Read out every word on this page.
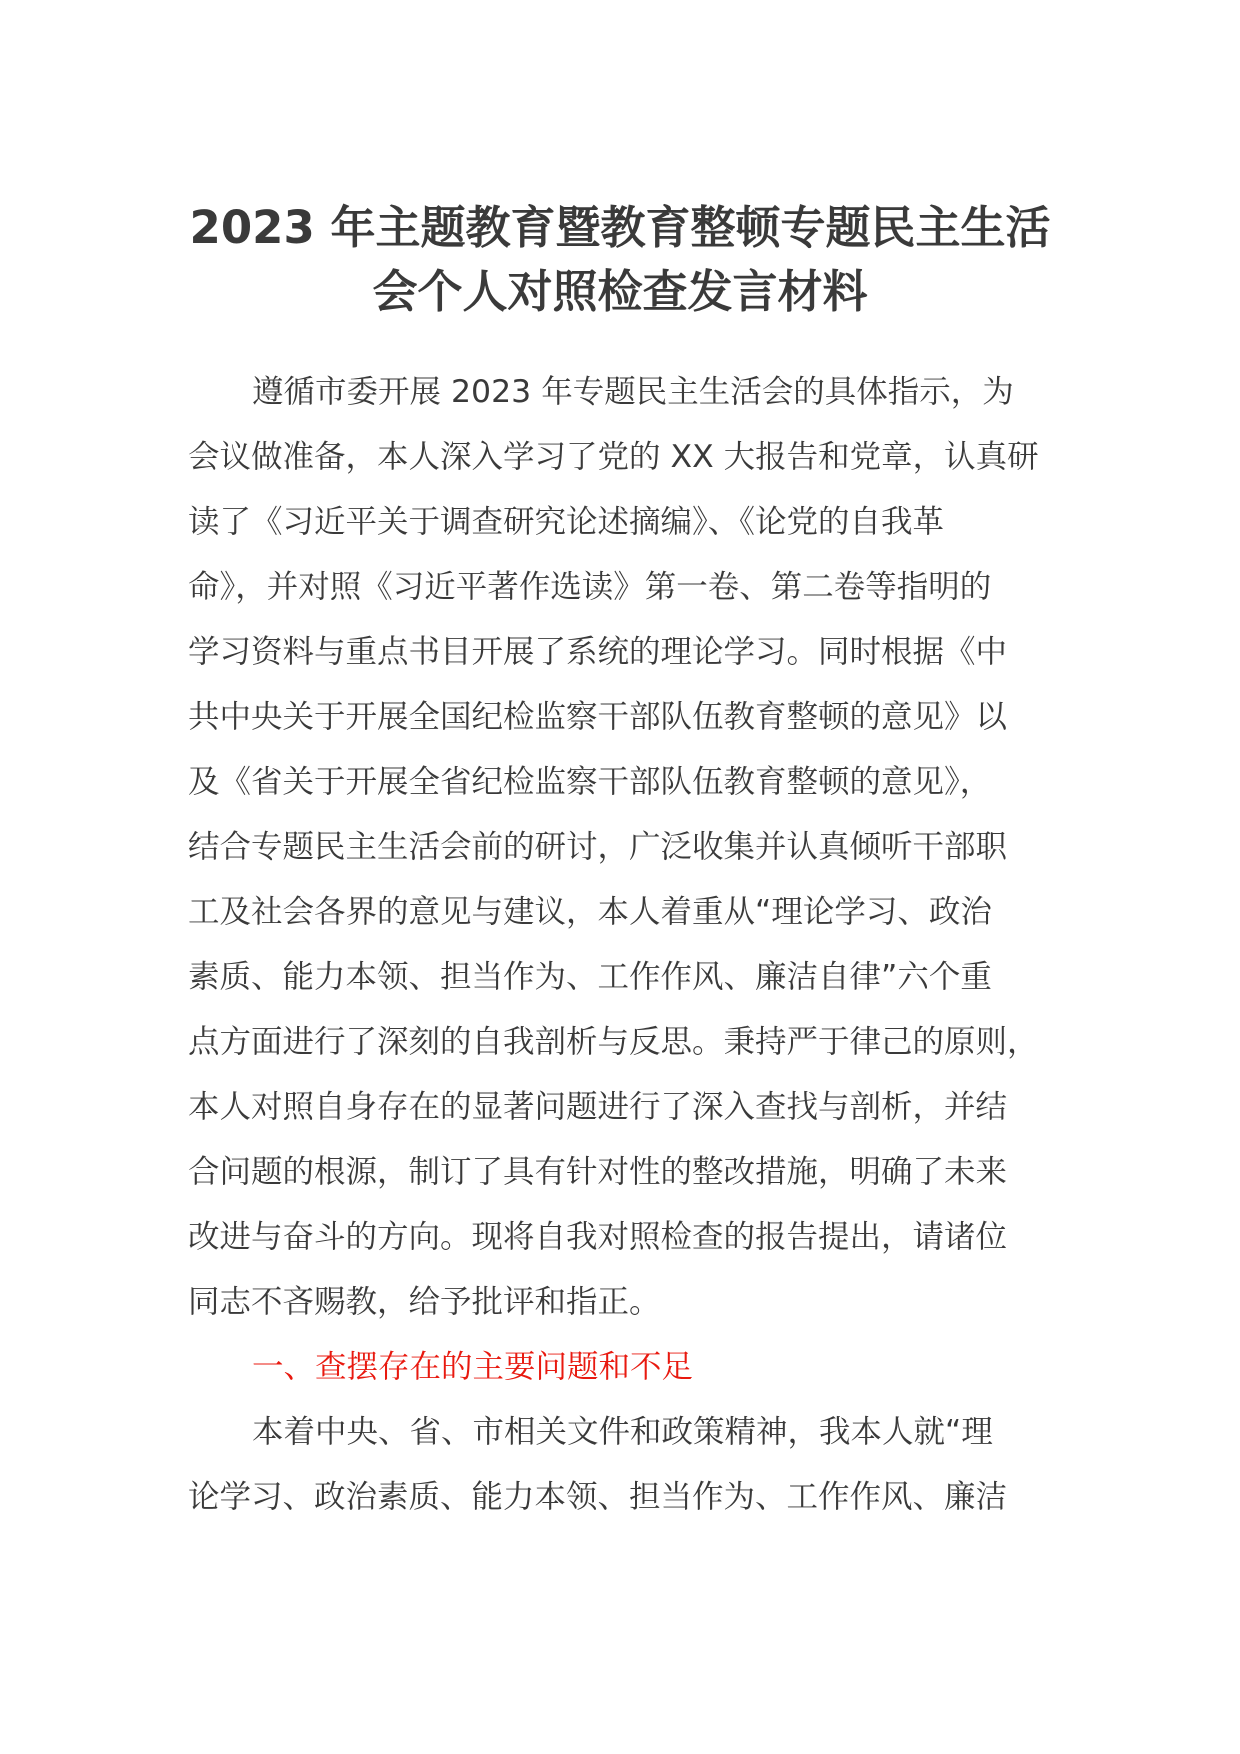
2023 年主题教育暨教育整顿专题民主生活
会个人对照检查发言材料
遵循市委开展 2023 年专题民主生活会的具体指示，为
会议做准备，本人深入学习了党的 XX 大报告和党章，认真研
读了《习近平关于调查研究论述摘编》、《论党的自我革
命》，并对照《习近平著作选读》第一卷、第二卷等指明的
学习资料与重点书目开展了系统的理论学习。同时根据《中
共中央关于开展全国纪检监察干部队伍教育整顿的意见》以
及《省关于开展全省纪检监察干部队伍教育整顿的意见》，
结合专题民主生活会前的研讨，广泛收集并认真倾听干部职
工及社会各界的意见与建议，本人着重从“理论学习、政治
素质、能力本领、担当作为、工作作风、廉洁自律”六个重
点方面进行了深刻的自我剖析与反思。秉持严于律己的原则，
本人对照自身存在的显著问题进行了深入查找与剖析，并结
合问题的根源，制订了具有针对性的整改措施，明确了未来
改进与奋斗的方向。现将自我对照检查的报告提出，请诸位
同志不吝赐教，给予批评和指正。
一、查摆存在的主要问题和不足
本着中央、省、市相关文件和政策精神，我本人就“理
论学习、政治素质、能力本领、担当作为、工作作风、廉洁
